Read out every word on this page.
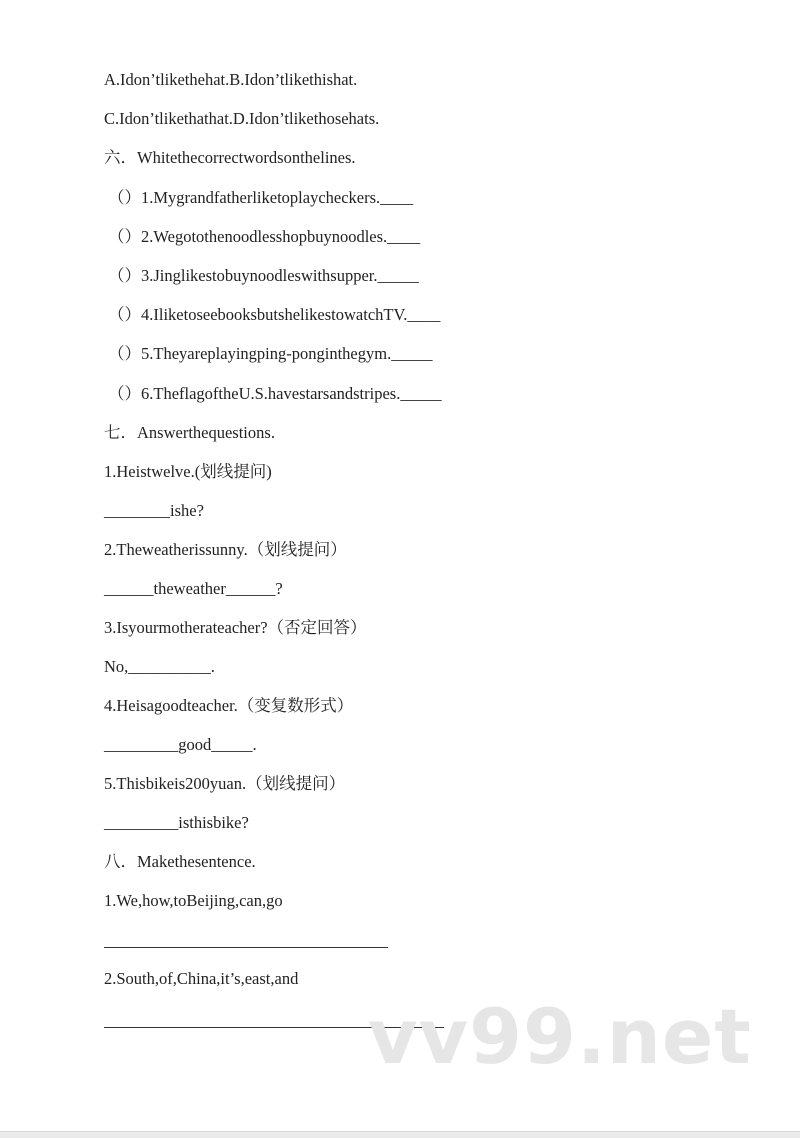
A.Idon’tlikethehat.B.Idon’tlikethishat.
C.Idon’tlikethathat.D.Idon’tlikethosehats.
六．Whitethecorrectwordsonthelines.
（）1.Mygrandfatherliketoplaycheckers.____
（）2.Wegotothenoodlesshopbuynoodles.____
（）3.Jinglikestobuynoodleswithsupper._____
（）4.IliketoseebooksbutshelikestowatchTV.____
（）5.Theyareplayingping-ponginthegym._____
（）6.TheflagoftheU.S.havestarsandstripes._____
七．Answerthequestions.
1.Heistwelve.(划线提问)
________ishe?
2.Theweatherissunny.（划线提问）
______theweather______?
3.Isyourmotherateacher?（否定回答）
No,__________.
4.Heisagoodteacher.（变复数形式）
_________good_____.
5.Thisbikeis200yuan.（划线提问）
_________isthisbike?
八．Makethesentence.
1.We,how,toBeijing,can,go
2.South,of,China,it’s,east,and
vv99.net
